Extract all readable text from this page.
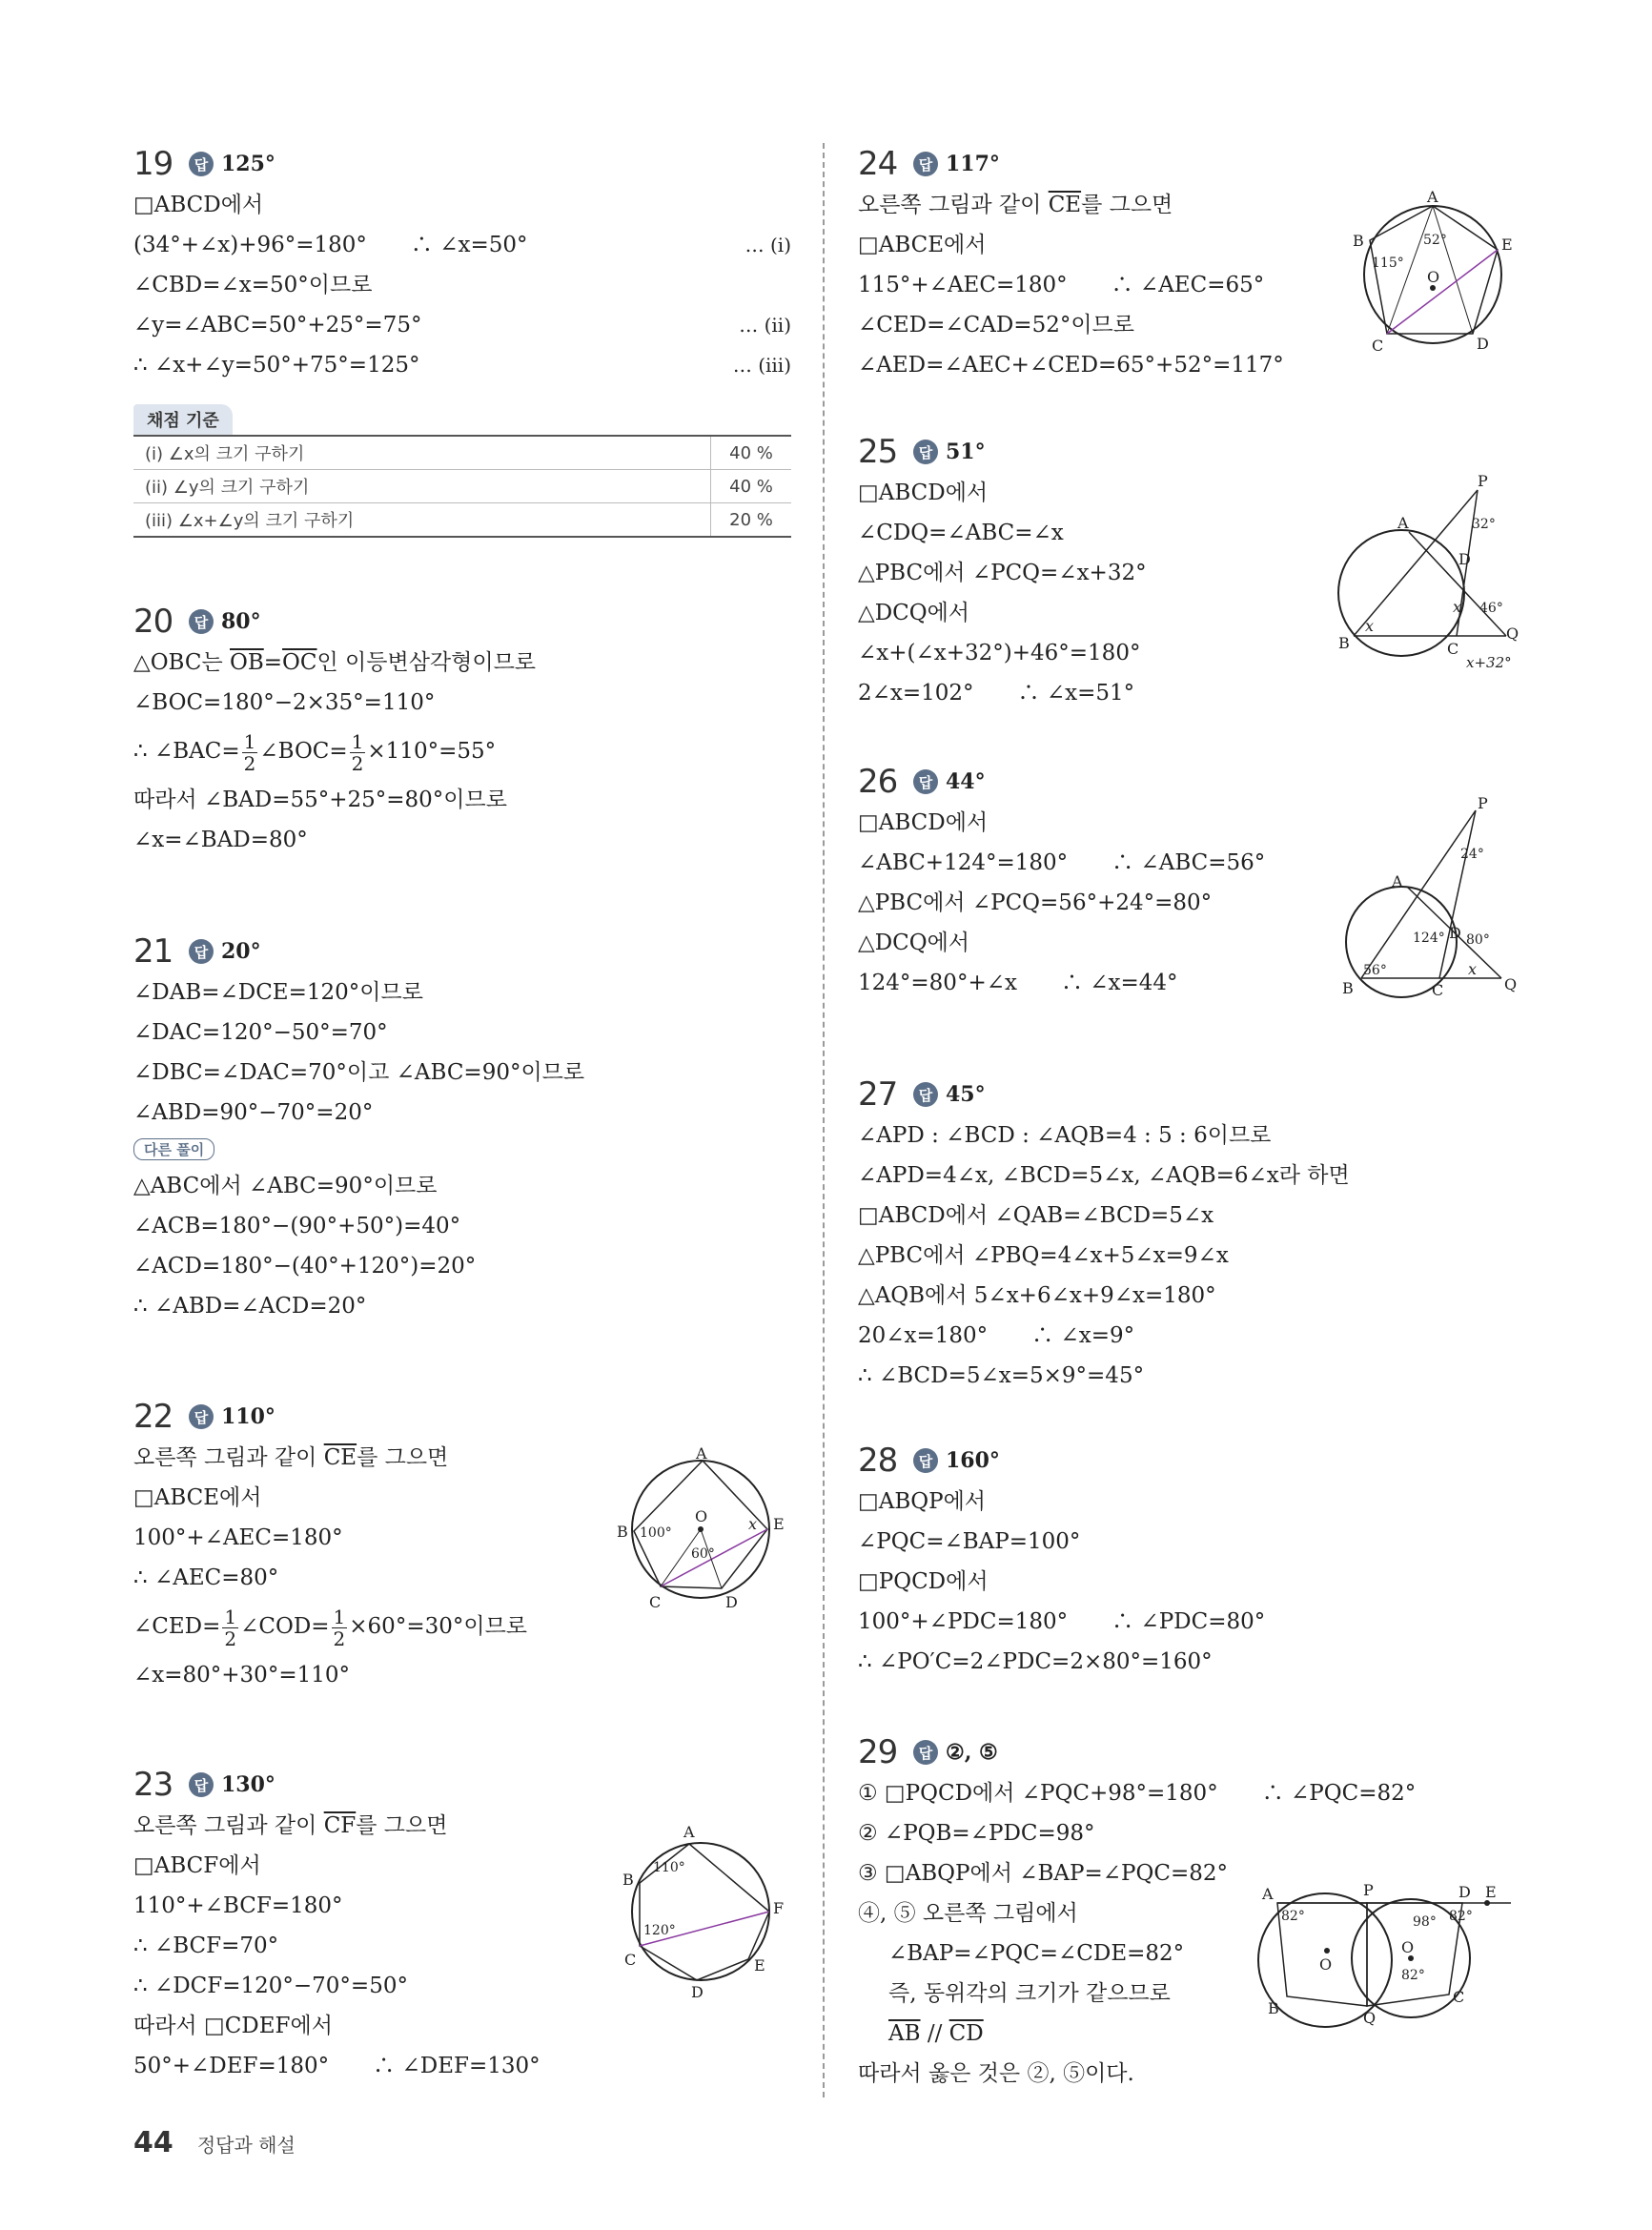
19	답 125°
□ABCD에서
(34°+∠x)+96°=180°　　∴ ∠x=50°	… (i)
∠CBD=∠x=50°이므로
∠y=∠ABC=50°+25°=75°	… (ii)
∴ ∠x+∠y=50°+75°=125°	… (iii)
채점 기준
(i) ∠x의 크기 구하기	40 %
(ii) ∠y의 크기 구하기	40 %
(iii) ∠x+∠y의 크기 구하기	20 %
20	답 80°
△OBC는 $\overline{OB}=\overline{OC}$인 이등변삼각형이므로
∠BOC=180°−2×35°=110°
∴ ∠BAC= $\frac{1}{2}$ ∠BOC= $\frac{1}{2} \times 110^\circ=55^\circ$
따라서 ∠BAD=55°+25°=80°이므로
∠x=∠BAD=80°
21	답 20°
∠DAB=∠DCE=120°이므로
∠DAC=120°−50°=70°
∠DBC=∠DAC=70°이고 ∠ABC=90°이므로
∠ABD=90°−70°=20°
다른 풀이
△ABC에서 ∠ABC=90°이므로
∠ACB=180°−(90°+50°)=40°
∠ACD=180°−(40°+120°)=20°
∴ ∠ABD=∠ACD=20°
22	답 110°
오른쪽 그림과 같이 $\overline{CE}$를 그으면
□ABCE에서
100°+∠AEC=180°
∴ ∠AEC=80°
∠CED= $\frac{1}{2}$ ∠COD= $\frac{1}{2} \times 60^\circ=30^\circ$이므로
∠x=80°+30°=110°
A
B
C	D
E
O
100°
60°
x
23	답 130°
오른쪽 그림과 같이 $\overline{CF}$를 그으면
□ABCF에서
110°+∠BCF=180°
∴ ∠BCF=70°
∴ ∠DCF=120°−70°=50°
따라서 □CDEF에서
50°+∠DEF=180°　　∴ ∠DEF=130°
A
B
C
D
E
F
110°
120°
24	답 117°
오른쪽 그림과 같이 $\overline{CE}$를 그으면
□ABCE에서
115°+∠AEC=180°　　∴ ∠AEC=65°
∠CED=∠CAD=52°이므로
∠AED=∠AEC+∠CED=65°+52°=117°
A
B
C	D
E
O
52°
115°
25	답 51°
□ABCD에서
∠CDQ=∠ABC=∠x
△PBC에서 ∠PCQ=∠x+32°
△DCQ에서
∠x+(∠x+32°)+46°=180°
2∠x=102°　　∴ ∠x=51°
P
A
B	C
D
Q
32°
46°
x
x
x+32°
26	답 44°
□ABCD에서
∠ABC+124°=180°　　∴ ∠ABC=56°
△PBC에서 ∠PCQ=56°+24°=80°
△DCQ에서
124°=80°+∠x　　∴ ∠x=44°
P
A
B	C
D
Q
24°
124° 80°
56°	x
27	답 45°
∠APD : ∠BCD : ∠AQB=4 : 5 : 6이므로
∠APD=4∠x, ∠BCD=5∠x, ∠AQB=6∠x라 하면
□ABCD에서 ∠QAB=∠BCD=5∠x
△PBC에서 ∠PBQ=4∠x+5∠x=9∠x
△AQB에서 5∠x+6∠x+9∠x=180°
20∠x=180°　　∴ ∠x=9°
∴ ∠BCD=5∠x=5×9°=45°
28	답 160°
□ABQP에서
∠PQC=∠BAP=100°
□PQCD에서
100°+∠PDC=180°　　∴ ∠PDC=80°
∴ ∠PO′C=2∠PDC=2×80°=160°
29	답 ②, ⑤
① □PQCD에서 ∠PQC+98°=180°　　∴ ∠PQC=82°
② ∠PQB=∠PDC=98°
③ □ABQP에서 ∠BAP=∠PQC=82°
④, ⑤ 오른쪽 그림에서
∠BAP=∠PQC=∠CDE=82°
즉, 동위각의 크기가 같으므로
$\overline{AB} // \overline{CD}$
따라서 옳은 것은 ②, ⑤이다.
A
B
C
D E
P
Q
O
O
82°	98°
82°
82°
44 정답과 해설
